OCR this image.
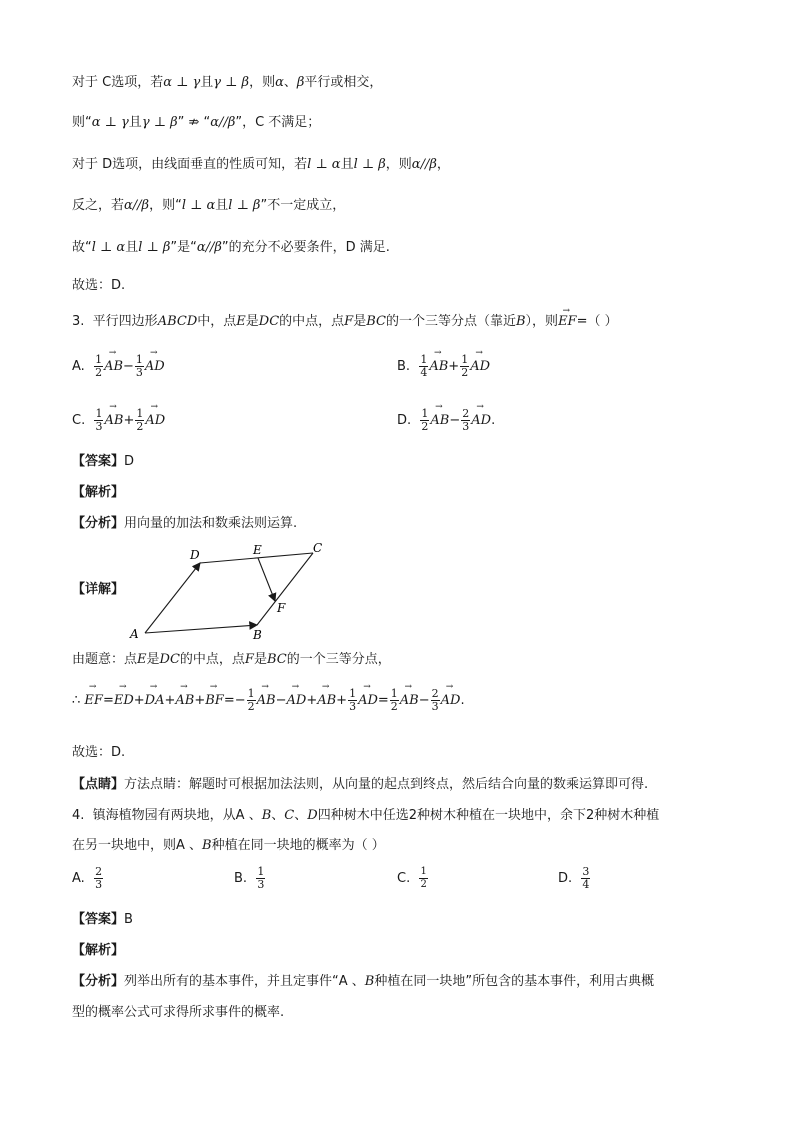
对于 C选项，若α ⊥ γ且γ ⊥ β，则α、β平行或相交，
则“α ⊥ γ且γ ⊥ β” ⇏ “α//β”，C 不满足；
对于 D选项，由线面垂直的性质可知，若l ⊥ α且l ⊥ β，则α//β，
反之，若α//β，则“l ⊥ α且l ⊥ β”不一定成立，
故“l ⊥ α且l ⊥ β”是“α//β”的充分不必要条件，D 满足.
故选：D.
3. 平行四边形ABCD中，点E是DC的中点，点F是BC的一个三等分点（靠近B），则→ EF=（ ）
A. $\frac{1}{2}$
→ $AB- \frac{1}{3}$
→ AD	B. $\frac{1}{4}$
→ $AB+ \frac{1}{2}$
→ AD
C. $\frac{1}{3}$
→ $AB+ \frac{1}{2}$
→ AD	D. $\frac{1}{2}$
→ $AB- \frac{2}{3}$
→ AD.
【答案】D
【解析】
【分析】用向量的加法和数乘法则运算.
【详解】
A	B
C
D	E
F
由题意：点E是DC的中点，点F是BC的一个三等分点，
∴ → $EF=\to ED+\to DA+\to AB+\to BF=- \frac{1}{2}$
→ $AB-\to AD+\to AB+ \frac{1}{3}$
→ $AD= \frac{1}{2}$
→ $AB- \frac{2}{3}$
→ AD.
故选：D.
【点睛】方法点睛：解题时可根据加法法则，从向量的起点到终点，然后结合向量的数乘运算即可得.
4. 镇海植物园有两块地，从A 、B、C、D四种树木中任选2种树木种植在一块地中，余下2种树木种植
在另一块地中，则A 、B种植在同一块地的概率为（ ）
A. $\frac{2}{3}$	B. $\frac{1}{3}$	C. $\frac{1}{2}$	D. $\frac{3}{4}$
【答案】B
【解析】
【分析】列举出所有的基本事件，并且定事件“A 、B种植在同一块地”所包含的基本事件，利用古典概
型的概率公式可求得所求事件的概率.
